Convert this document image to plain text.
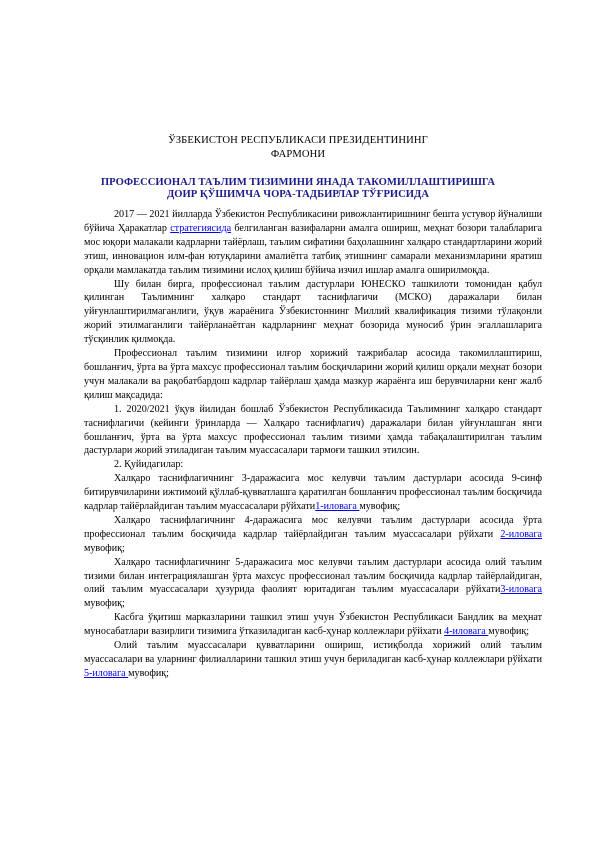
ЎЗБЕКИСТОН РЕСПУБЛИКАСИ ПРЕЗИДЕНТИНИНГ
ФАРМОНИ
ПРОФЕССИОНАЛ ТАЪЛИМ ТИЗИМИНИ ЯНАДА ТАКОМИЛЛАШТИРИШГА
ДОИР ҚЎШИМЧА ЧОРА-ТАДБИРЛАР ТЎҒРИСИДА

2017 — 2021 йилларда Ўзбекистон Республикасини ривожлантиришнинг бешта устувор йўналиши бўйича Ҳаракатлар стратегиясида белгиланган вазифаларни амалга ошириш, меҳнат бозори талабларига мос юқори малакали кадрларни тайёрлаш, таълим сифатини баҳолашнинг халқаро стандартларини жорий этиш, инновацион илм-фан ютуқларини амалиётга татбиқ этишнинг самарали механизмларини яратиш орқали мамлакатда таълим тизимини ислоҳ қилиш бўйича изчил ишлар амалга оширилмоқда.

Шу билан бирга, профессионал таълим дастурлари ЮНЕСКО ташкилоти томонидан қабул қилинган Таълимнинг халқаро стандарт таснифлагичи (МСКО) даражалари билан уйғунлаштирилмаганлиги, ўқув жараёнига Ўзбекистоннинг Миллий квалификация тизими тўлақонли жорий этилмаганлиги тайёрланаётган кадрларнинг меҳнат бозорида муносиб ўрин эгаллашларига тўсқинлик қилмоқда.

Профессионал таълим тизимини илғор хорижий тажрибалар асосида такомиллаштириш, бошланғич, ўрта ва ўрта махсус профессионал таълим босқичларини жорий қилиш орқали меҳнат бозори учун малакали ва рақобатбардош кадрлар тайёрлаш ҳамда мазкур жараёнга иш берувчиларни кенг жалб қилиш мақсадида:

1. 2020/2021 ўқув йилидан бошлаб Ўзбекистон Республикасида Таълимнинг халқаро стандарт таснифлагичи (кейинги ўринларда — Халқаро таснифлагич) даражалари билан уйғунлашган янги бошланғич, ўрта ва ўрта махсус профессионал таълим тизими ҳамда табақалаштирилган таълим дастурлари жорий этиладиган таълим муассасалари тармоғи ташкил этилсин.

2. Қуйидагилар:

Халқаро таснифлагичнинг 3-даражасига мос келувчи таълим дастурлари асосида 9-синф битирувчиларини ижтимоий қўллаб-қувватлашга қаратилган бошланғич профессионал таълим босқичида кадрлар тайёрлайдиган таълим муассасалари рўйхати1-иловага мувофиқ;

Халқаро таснифлагичнинг 4-даражасига мос келувчи таълим дастурлари асосида ўрта профессионал таълим босқичида кадрлар тайёрлайдиган таълим муассасалари рўйхати 2-иловага мувофиқ;

Халқаро таснифлагичнинг 5-даражасига мос келувчи таълим дастурлари асосида олий таълим тизими билан интеграциялашган ўрта махсус профессионал таълим босқичида кадрлар тайёрлайдиган, олий таълим муассасалари ҳузурида фаолият юритадиган таълим муассасалари рўйхати3-иловага мувофиқ;

Касбга ўқитиш марказларини ташкил этиш учун Ўзбекистон Республикаси Бандлик ва меҳнат муносабатлари вазирлиги тизимига ўтказиладиган касб-ҳунар коллежлари рўйхати 4-иловага мувофиқ;

Олий таълим муассасалари қувватларини ошириш, истиқболда хорижий олий таълим муассасалари ва уларнинг филиалларини ташкил этиш учун бериладиган касб-ҳунар коллежлари рўйхати 5-иловага мувофиқ;
